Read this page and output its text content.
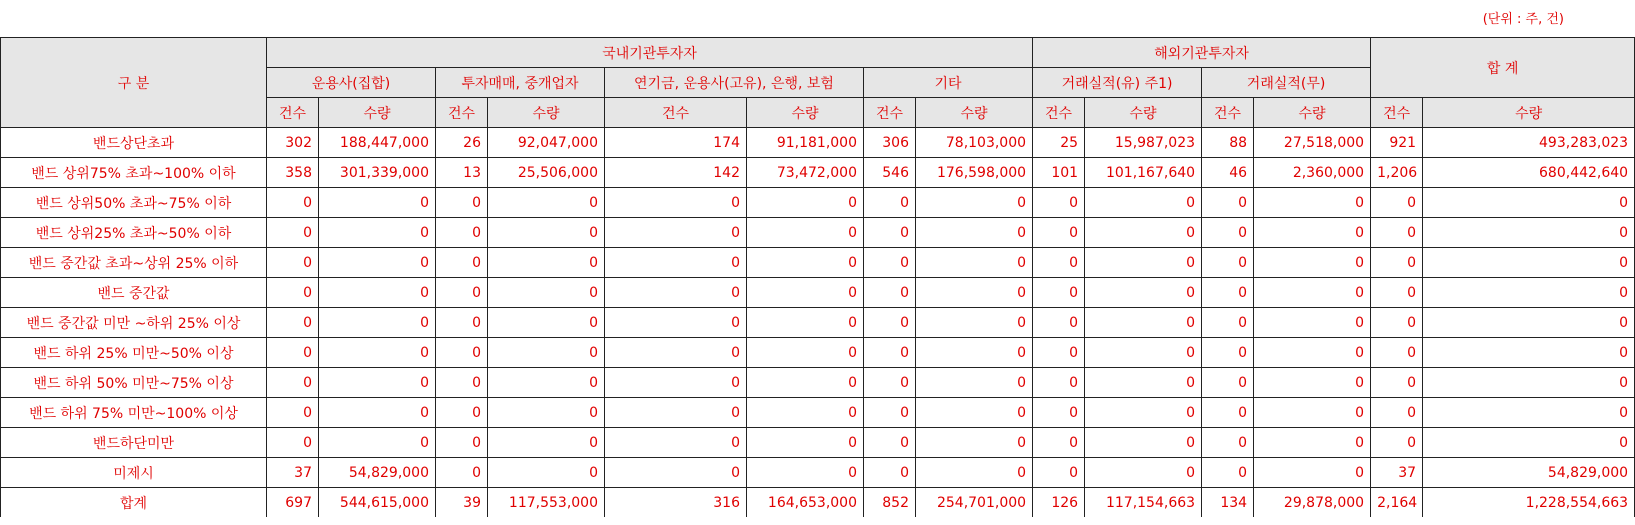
(단위 : 주, 건)
구 분	국내기관투자자								해외기관투자자				합 계	
	운용사(집합)		투자매매, 중개업자		연기금, 운용사(고유), 은행, 보험		기타		거래실적(유) 주1)		거래실적(무)			
	건수	수량	건수	수량	건수	수량	건수	수량	건수	수량	건수	수량	건수	수량
밴드상단초과	302	188,447,000	26	92,047,000	174	91,181,000	306	78,103,000	25	15,987,023	88	27,518,000	921	493,283,023
밴드 상위75% 초과~100% 이하	358	301,339,000	13	25,506,000	142	73,472,000	546	176,598,000	101	101,167,640	46	2,360,000	1,206	680,442,640
밴드 상위50% 초과~75% 이하	0	0	0	0	0	0	0	0	0	0	0	0	0	0
밴드 상위25% 초과~50% 이하	0	0	0	0	0	0	0	0	0	0	0	0	0	0
밴드 중간값 초과~상위 25% 이하	0	0	0	0	0	0	0	0	0	0	0	0	0	0
밴드 중간값	0	0	0	0	0	0	0	0	0	0	0	0	0	0
밴드 중간값 미만 ~하위 25% 이상	0	0	0	0	0	0	0	0	0	0	0	0	0	0
밴드 하위 25% 미만~50% 이상	0	0	0	0	0	0	0	0	0	0	0	0	0	0
밴드 하위 50% 미만~75% 이상	0	0	0	0	0	0	0	0	0	0	0	0	0	0
밴드 하위 75% 미만~100% 이상	0	0	0	0	0	0	0	0	0	0	0	0	0	0
밴드하단미만	0	0	0	0	0	0	0	0	0	0	0	0	0	0
미제시	37	54,829,000	0	0	0	0	0	0	0	0	0	0	37	54,829,000
합계	697	544,615,000	39	117,553,000	316	164,653,000	852	254,701,000	126	117,154,663	134	29,878,000	2,164	1,228,554,663
